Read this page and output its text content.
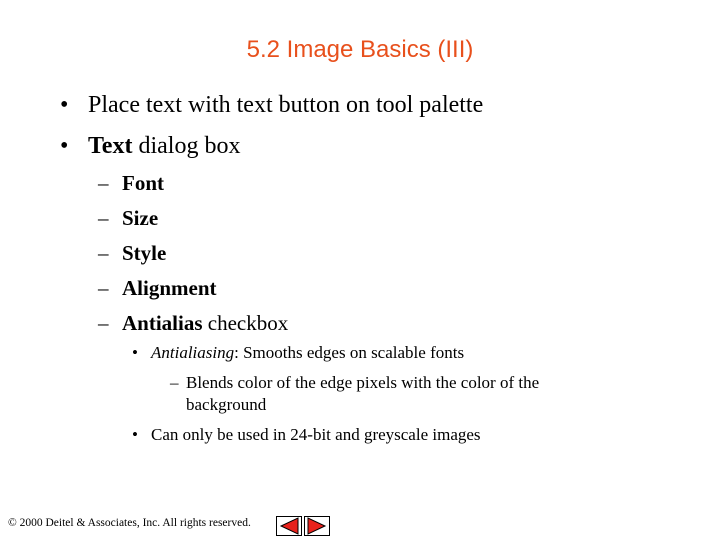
5.2 Image Basics (III)
• Place text with text button on tool palette
• Text dialog box
– Font
– Size
– Style
– Alignment
– Antialias checkbox
• Antialiasing: Smooths edges on scalable fonts
–	Blends color of the edge pixels with the color of the background
• Can only be used in 24-bit and greyscale images
© 2000 Deitel & Associates, Inc. All rights reserved.
